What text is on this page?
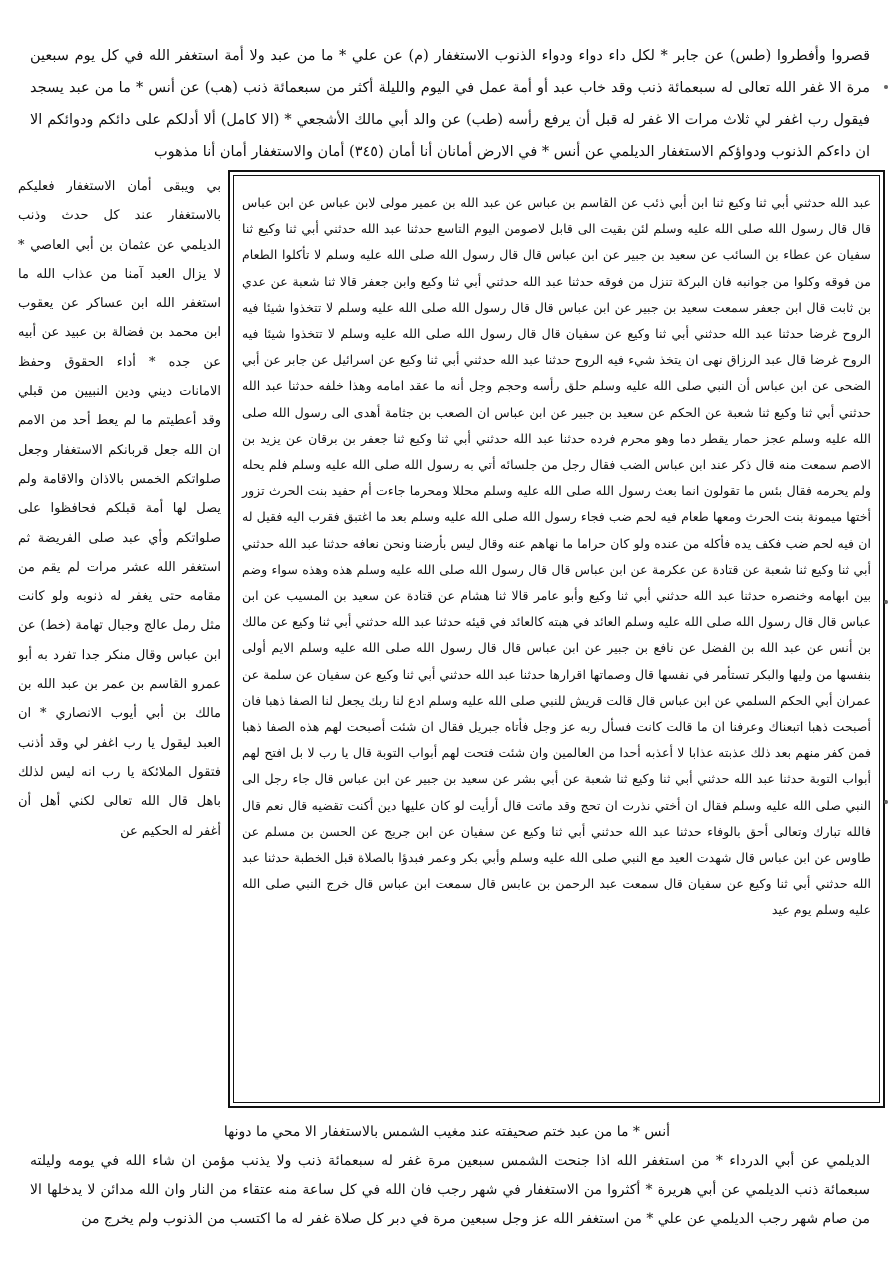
قصروا وأفطروا (طس) عن جابر * لكل داء دواء ودواء الذنوب الاستغفار (م) عن علي * ما من عبد ولا أمة استغفر الله في كل يوم سبعين مرة الا غفر الله تعالى له سبعمائة ذنب وقد خاب عبد أو أمة عمل في اليوم والليلة أكثر من سبعمائة ذنب (هب) عن أنس * ما من عبد يسجد فيقول رب اغفر لي ثلاث مرات الا غفر له قبل أن يرفع رأسه (طب) عن والد أبي مالك الأشجعي * (الا كامل) ألا أدلكم على دائكم ودوائكم الا ان داءكم الذنوب ودواؤكم الاستغفار الديلمي عن أنس * في الارض أمانان أنا أمان (٣٤٥) أمان والاستغفار أمان أنا مذهوب

عبد الله حدثني أبي ثنا وكيع ثنا ابن أبي ذئب عن القاسم بن عباس عن عبد الله بن عمير مولى لابن عباس عن ابن عباس قال قال رسول الله صلى الله عليه وسلم لئن بقيت الى قابل لاصومن اليوم التاسع حدثنا عبد الله حدثني أبي ثنا وكيع ثنا سفيان عن عطاء بن السائب عن سعيد بن جبير عن ابن عباس قال قال رسول الله صلى الله عليه وسلم لا تأكلوا الطعام من فوقه وكلوا من جوانبه فان البركة تنزل من فوقه حدثنا عبد الله حدثني أبي ثنا وكيع وابن جعفر قالا ثنا شعبة عن عدي بن ثابت قال ابن جعفر سمعت سعيد بن جبير عن ابن عباس قال قال رسول الله صلى الله عليه وسلم لا تتخذوا شيئا فيه الروح غرضا حدثنا عبد الله حدثني أبي ثنا وكيع عن سفيان قال قال رسول الله صلى الله عليه وسلم لا تتخذوا شيئا فيه الروح غرضا قال عبد الرزاق نهى ان يتخذ شيء فيه الروح حدثنا عبد الله حدثني أبي ثنا وكيع عن اسرائيل عن جابر عن أبي الضحى عن ابن عباس أن النبي صلى الله عليه وسلم حلق رأسه وحجم وجل أنه ما عقد امامه وهذا خلفه حدثنا عبد الله حدثني أبي ثنا وكيع ثنا شعبة عن الحكم عن سعيد بن جبير عن ابن عباس ان الصعب بن جثامة أهدى الى رسول الله صلى الله عليه وسلم عجز حمار يقطر دما وهو محرم فرده حدثنا عبد الله حدثني أبي ثنا وكيع ثنا جعفر بن برقان عن يزيد بن الاصم سمعت منه قال ذكر عند ابن عباس الضب فقال رجل من جلسائه أتي به رسول الله صلى الله عليه وسلم فلم يحله ولم يحرمه فقال بئس ما تقولون انما بعث رسول الله صلى الله عليه وسلم محللا ومحرما جاءت أم حفيد بنت الحرث تزور أختها ميمونة بنت الحرث ومعها طعام فيه لحم ضب فجاء رسول الله صلى الله عليه وسلم بعد ما اغتبق فقرب اليه فقيل له ان فيه لحم ضب فكف يده فأكله من عنده ولو كان حراما ما نهاهم عنه وقال ليس بأرضنا ونحن نعافه حدثنا عبد الله حدثني أبي ثنا وكيع ثنا شعبة عن قتادة عن عكرمة عن ابن عباس قال قال رسول الله صلى الله عليه وسلم هذه وهذه سواء وضم بين ابهامه وخنصره حدثنا عبد الله حدثني أبي ثنا وكيع وأبو عامر قالا ثنا هشام عن قتادة عن سعيد بن المسيب عن ابن عباس قال قال رسول الله صلى الله عليه وسلم العائد في هبته كالعائد في قيئه حدثنا عبد الله حدثني أبي ثنا وكيع عن مالك بن أنس عن عبد الله بن الفضل عن نافع بن جبير عن ابن عباس قال قال رسول الله صلى الله عليه وسلم الايم أولى بنفسها من وليها والبكر تستأمر في نفسها قال وصماتها اقرارها حدثنا عبد الله حدثني أبي ثنا وكيع عن سفيان عن سلمة عن عمران أبي الحكم السلمي عن ابن عباس قال قالت قريش للنبي صلى الله عليه وسلم ادع لنا ربك يجعل لنا الصفا ذهبا فان أصبحت ذهبا اتبعناك وعرفنا ان ما قالت كانت فسأل ربه عز وجل فأتاه جبريل فقال ان شئت أصبحت لهم هذه الصفا ذهبا فمن كفر منهم بعد ذلك عذبته عذابا لا أعذبه أحدا من العالمين وان شئت فتحت لهم أبواب التوبة قال يا رب لا بل افتح لهم أبواب التوبة حدثنا عبد الله حدثني أبي ثنا وكيع ثنا شعبة عن أبي بشر عن سعيد بن جبير عن ابن عباس قال جاء رجل الى النبي صلى الله عليه وسلم فقال ان أختي نذرت ان تحج وقد ماتت قال أرأيت لو كان عليها دين أكنت تقضيه قال نعم قال فالله تبارك وتعالى أحق بالوفاء حدثنا عبد الله حدثني أبي ثنا وكيع عن سفيان عن ابن جريج عن الحسن بن مسلم عن طاوس عن ابن عباس قال شهدت العيد مع النبي صلى الله عليه وسلم وأبي بكر وعمر فبدؤا بالصلاة قبل الخطبة حدثنا عبد الله حدثني أبي ثنا وكيع عن سفيان قال سمعت عبد الرحمن بن عابس قال سمعت ابن عباس قال خرج النبي صلى الله عليه وسلم يوم عيد

بي ويبقى أمان الاستغفار فعليكم بالاستغفار عند كل حدث وذنب الديلمي عن عثمان بن أبي العاصي * لا يزال العبد آمنا من عذاب الله ما استغفر الله ابن عساكر عن يعقوب ابن محمد بن فضالة بن عبيد عن أبيه عن جده * أداء الحقوق وحفظ الامانات ديني ودين النبيين من قبلي وقد أعطيتم ما لم يعط أحد من الامم ان الله جعل قربانكم الاستغفار وجعل صلواتكم الخمس بالاذان والاقامة ولم يصل لها أمة قبلكم فحافظوا على صلواتكم وأي عبد صلى الفريضة ثم استغفر الله عشر مرات لم يقم من مقامه حتى يغفر له ذنوبه ولو كانت مثل رمل عالج وجبال تهامة (خط) عن ابن عباس وقال منكر جدا تفرد به أبو عمرو القاسم بن عمر بن عبد الله بن مالك بن أبي أيوب الانصاري * ان العبد ليقول يا رب اغفر لي وقد أذنب فتقول الملائكة يا رب انه ليس لذلك باهل قال الله تعالى لكني أهل أن أغفر له الحكيم عن

أنس * ما من عبد ختم صحيفته عند مغيب الشمس بالاستغفار الا محي ما دونها

الديلمي عن أبي الدرداء * من استغفر الله اذا جنحت الشمس سبعين مرة غفر له سبعمائة ذنب ولا يذنب مؤمن ان شاء الله في يومه وليلته سبعمائة ذنب الديلمي عن أبي هريرة * أكثروا من الاستغفار في شهر رجب فان الله في كل ساعة منه عتقاء من النار وان الله مدائن لا يدخلها الا من صام شهر رجب الديلمي عن علي * من استغفر الله عز وجل سبعين مرة في دبر كل صلاة غفر له ما اكتسب من الذنوب ولم يخرج من
